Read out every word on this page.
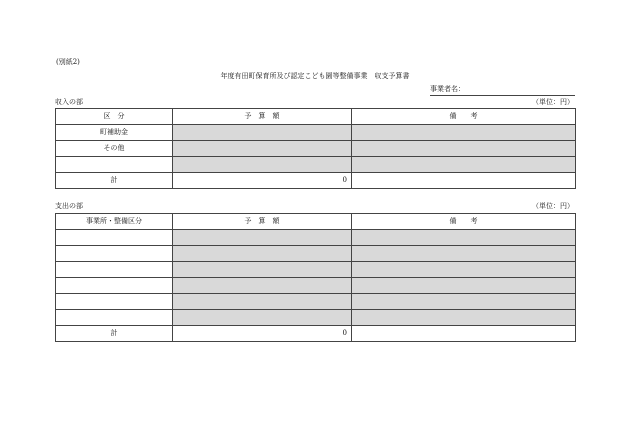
(別紙2)
年度有田町保育所及び認定こども園等整備事業　収支予算書
事業者名：
収入の部	（単位：円）
区　分	予　算　額	備　　考
町補助金		
その他		

計	0	
支出の部	（単位：円）
事業所・整備区分	予　算　額	備　　考

計	0	
